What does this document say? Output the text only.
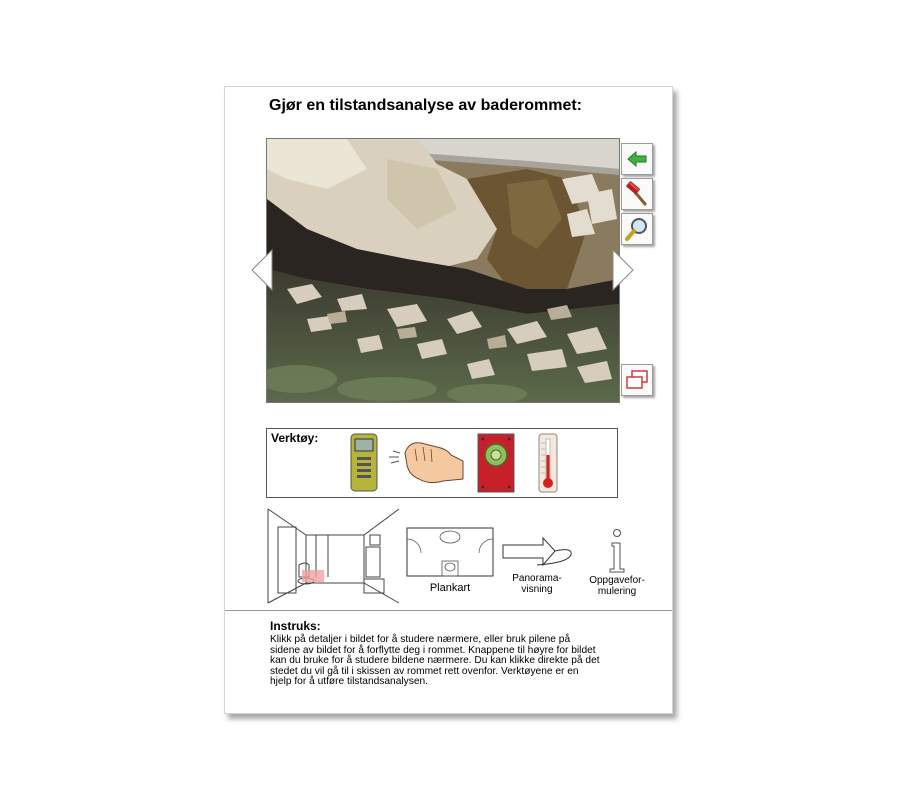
Gjør en tilstandsanalyse av baderommet:
Verktøy:
Plankart
Panorama-
visning
Oppgavefor-
mulering
Instruks:
Klikk på detaljer i bildet for å studere nærmere, eller bruk pilene på sidene av bildet for å forflytte deg i rommet. Knappene til høyre for bildet kan du bruke for å studere bildene nærmere. Du kan klikke direkte på det stedet du vil gå til i skissen av rommet rett ovenfor. Verktøyene er en hjelp for å utføre tilstandsanalysen.
